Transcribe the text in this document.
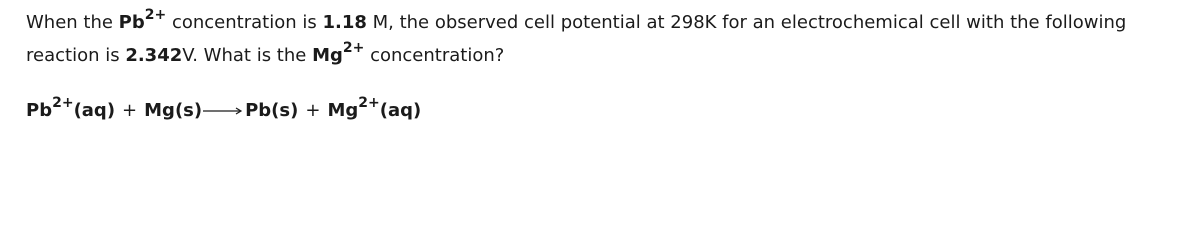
When the $Pb^{2+}$ concentration is 1.18 M, the observed cell potential at 298K for an electrochemical cell with the following reaction is 2.342V. What is the $Mg^{2+}$ concentration?

$Pb^{2+}(aq) + Mg(s) \to Pb(s) + Mg^{2+}(aq)$
